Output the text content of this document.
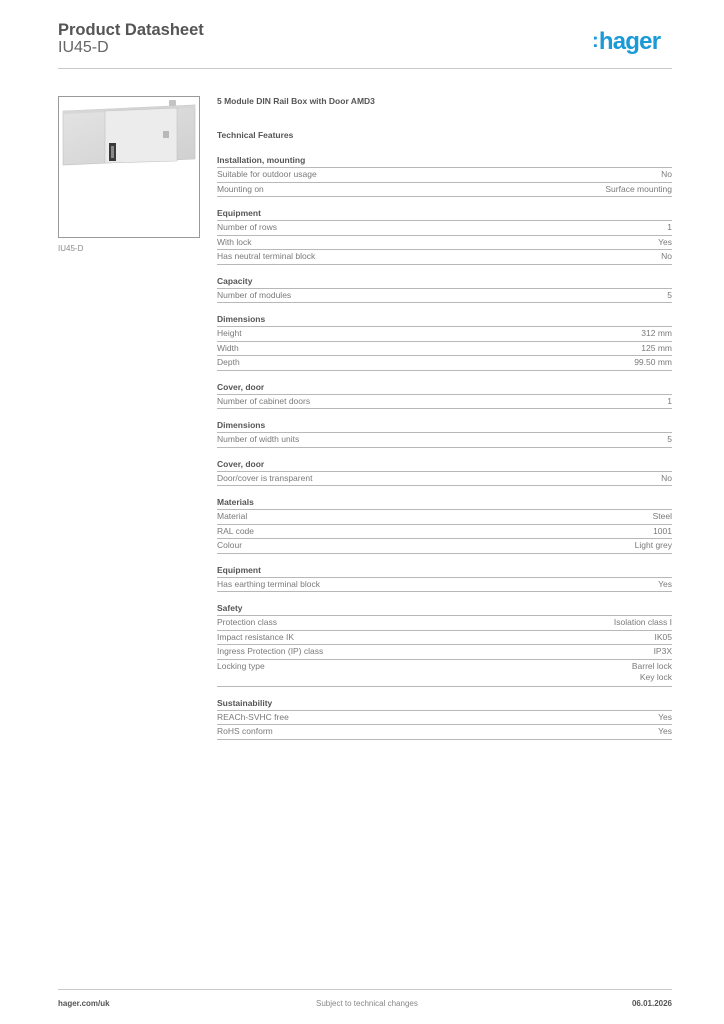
Product Datasheet
IU45-D	:hager
IU45-D
5 Module DIN Rail Box with Door AMD3
Technical Features
Installation, mounting
Suitable for outdoor usage	No
Mounting on	Surface mounting
Equipment
Number of rows	1
With lock	Yes
Has neutral terminal block	No
Capacity
Number of modules	5
Dimensions
Height	312 mm
Width	125 mm
Depth	99.50 mm
Cover, door
Number of cabinet doors	1
Dimensions
Number of width units	5
Cover, door
Door/cover is transparent	No
Materials
Material	Steel
RAL code	1001
Colour	Light grey
Equipment
Has earthing terminal block	Yes
Safety
Protection class	Isolation class I
Impact resistance IK	IK05
Ingress Protection (IP) class	IP3X
Locking type	Barrel lock
Key lock
Sustainability
REACh-SVHC free	Yes
RoHS conform	Yes
hager.com/uk	Subject to technical changes	06.01.2026
